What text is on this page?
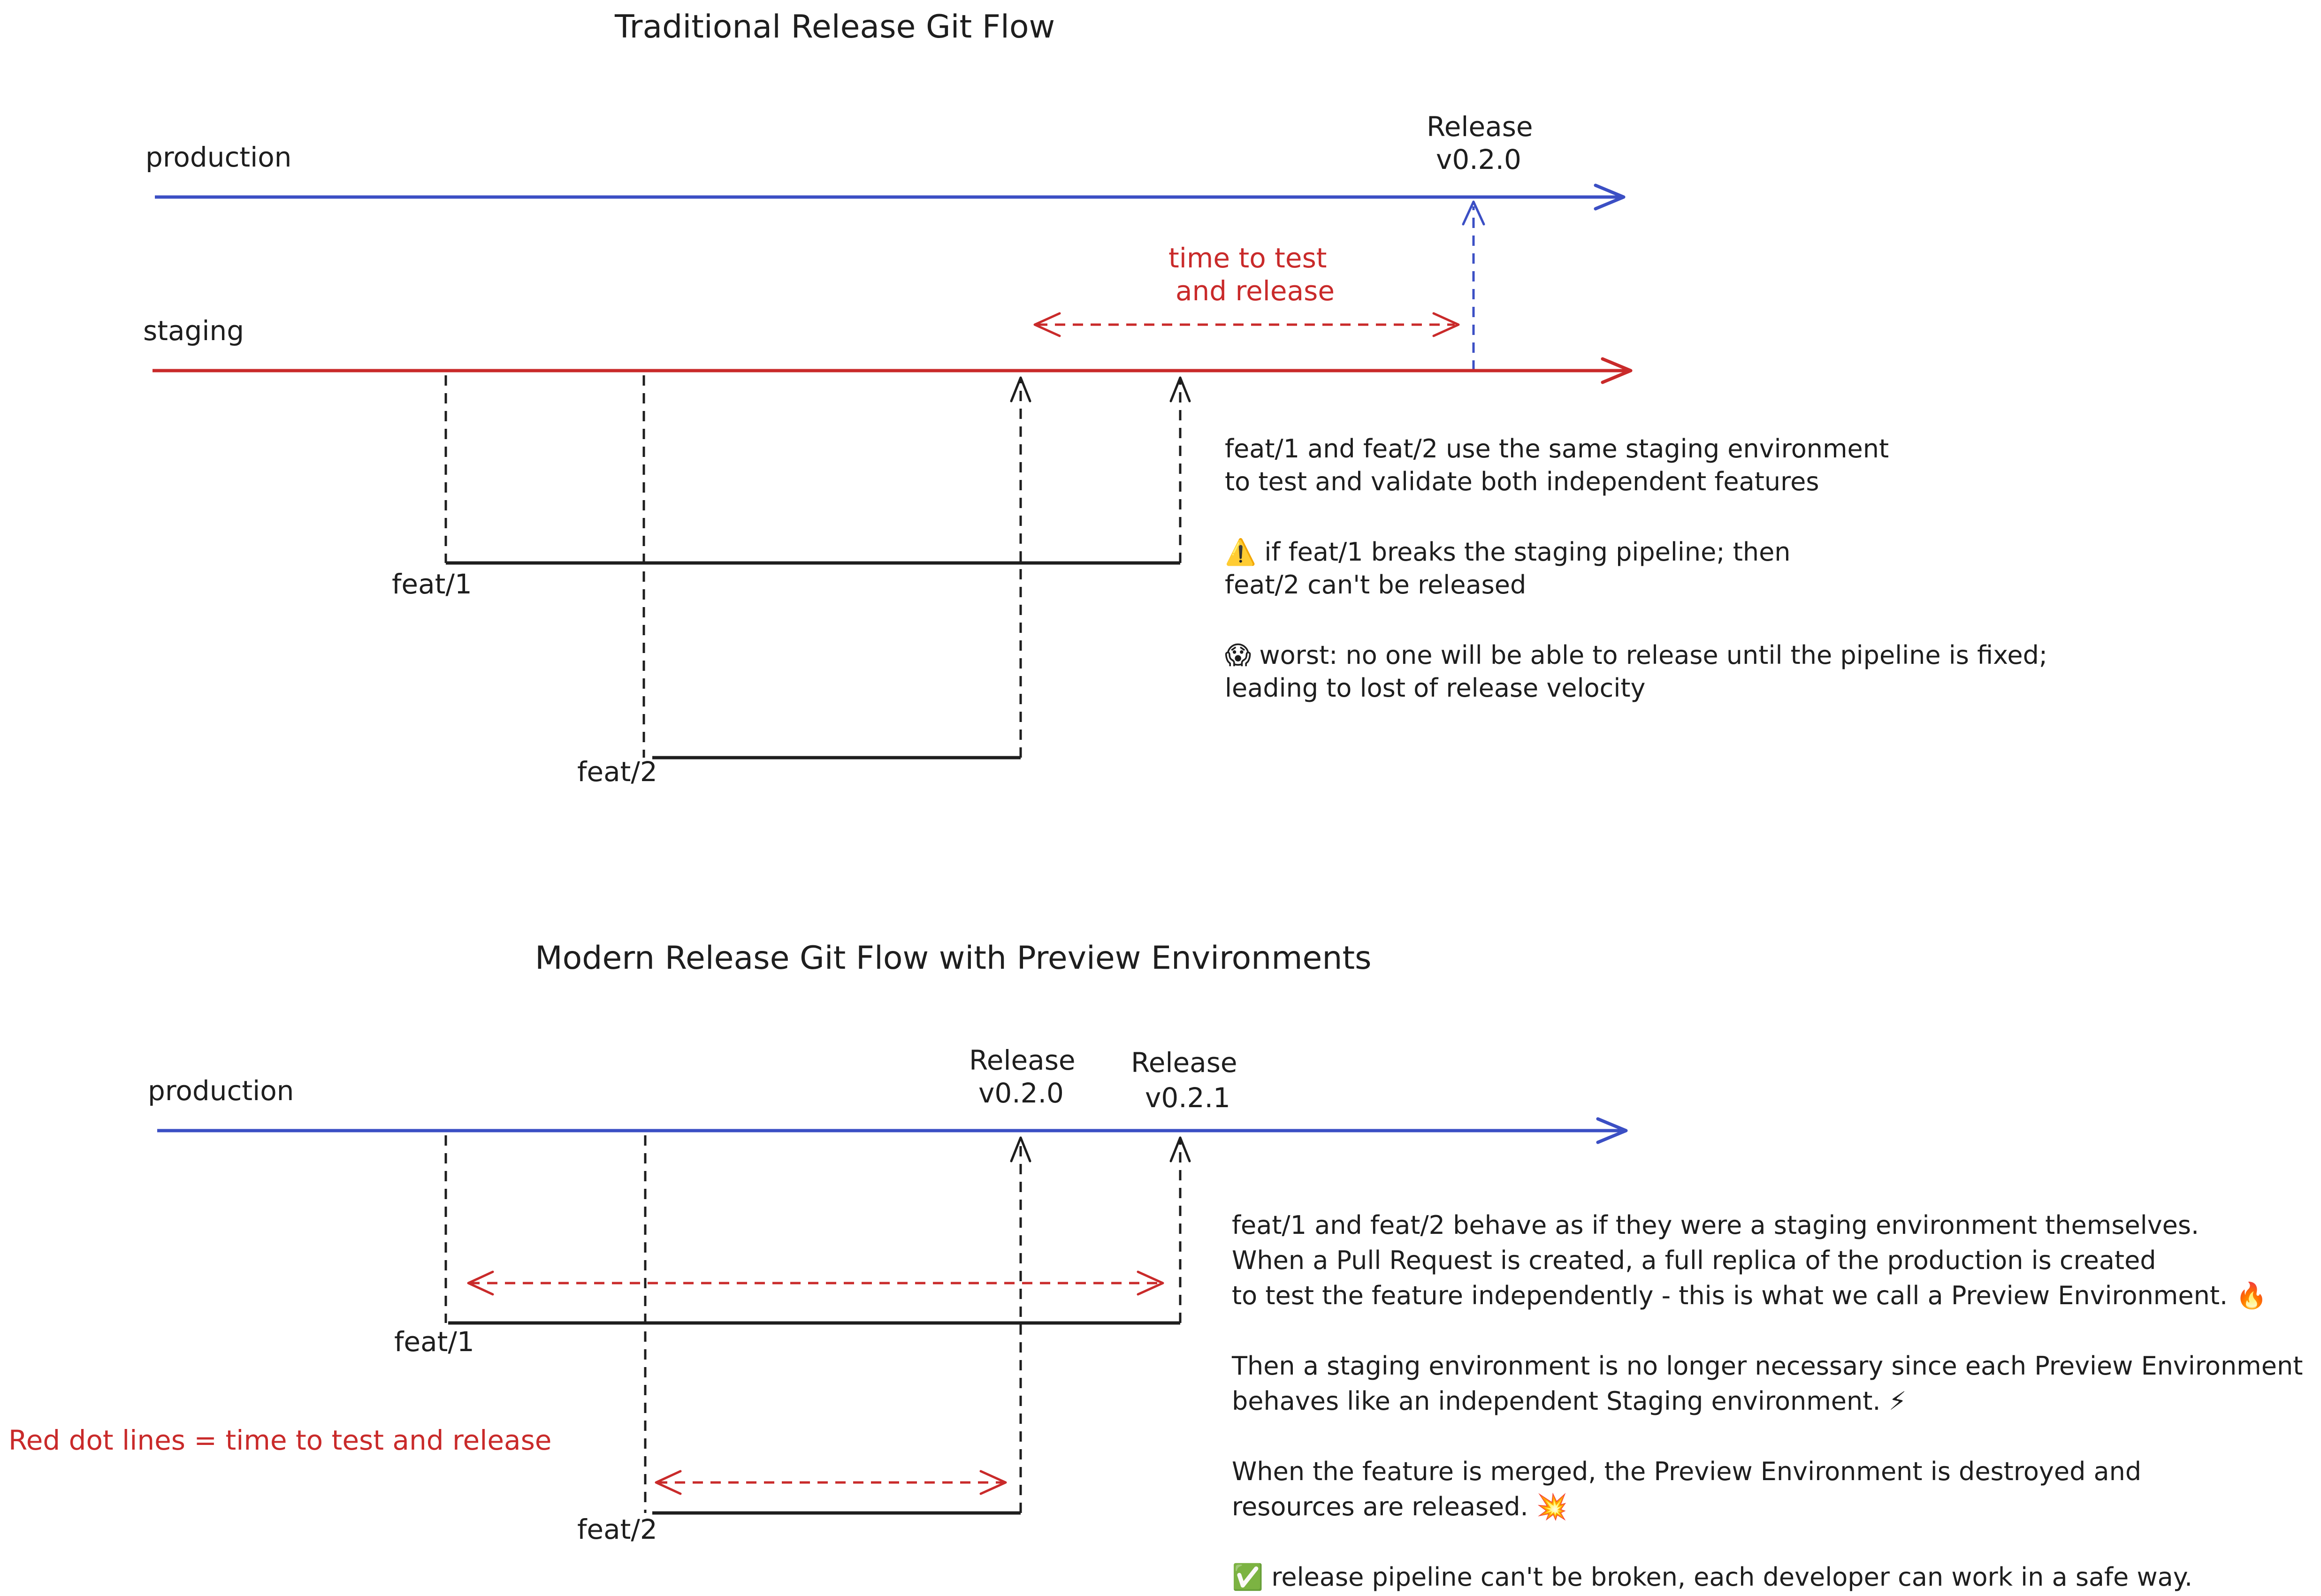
Traditional Release Git Flow
production
Release
v0.2.0
time to test
and release
staging
feat/1
feat/2
feat/1 and feat/2 use the same staging environment
to test and validate both independent features
⚠️ if feat/1 breaks the staging pipeline; then
feat/2 can't be released
😱 worst: no one will be able to release until the pipeline is fixed;
leading to lost of release velocity
Modern Release Git Flow with Preview Environments
production
Release
v0.2.0
Release
v0.2.1
feat/1
feat/2
Red dot lines = time to test and release
feat/1 and feat/2 behave as if they were a staging environment themselves.
When a Pull Request is created, a full replica of the production is created
to test the feature independently - this is what we call a Preview Environment. 🔥
Then a staging environment is no longer necessary since each Preview Environment
behaves like an independent Staging environment. ⚡
When the feature is merged, the Preview Environment is destroyed and
resources are released. 💥
✅ release pipeline can't be broken, each developer can work in a safe way.
